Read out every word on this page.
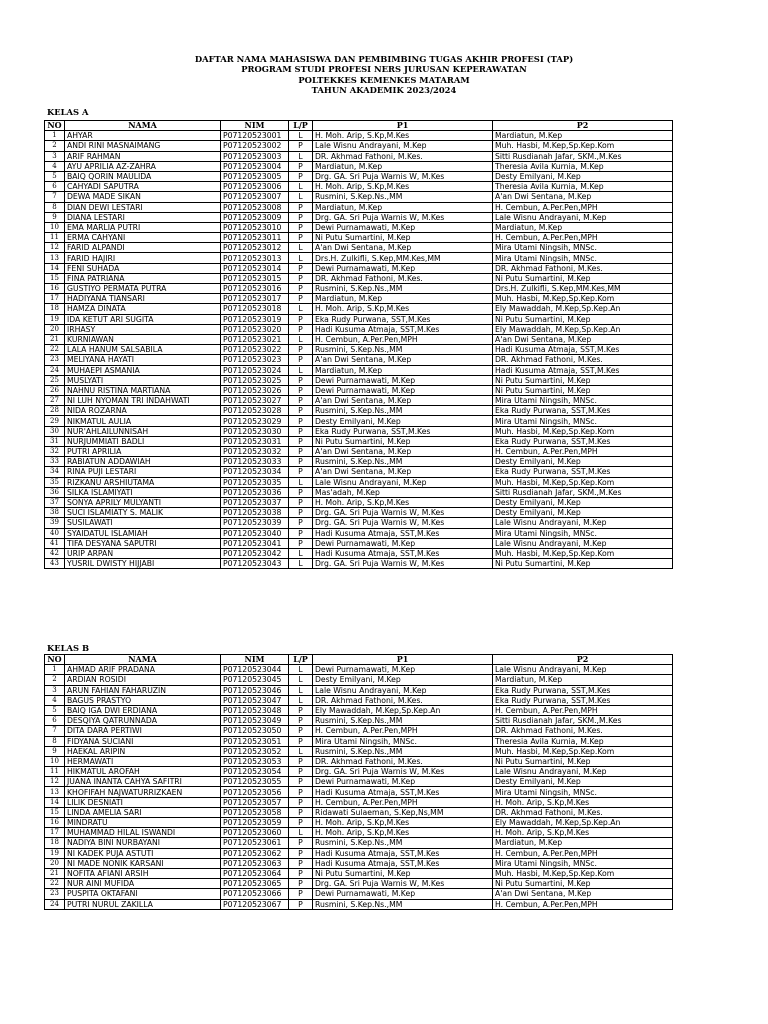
DAFTAR NAMA MAHASISWA DAN PEMBIMBING TUGAS AKHIR PROFESI (TAP)
PROGRAM STUDI PROFESI NERS JURUSAN KEPERAWATAN
POLTEKKES KEMENKES MATARAM
TAHUN AKADEMIK 2023/2024
KELAS A
NO	NAMA	NIM	L/P	P1	P2
1	AHYAR	P07120523001	L	H. Moh. Arip, S.Kp,M.Kes	Mardiatun, M.Kep
2	ANDI RINI MASNAIMANG	P07120523002	P	Lale Wisnu Andrayani, M.Kep	Muh. Hasbi, M.Kep,Sp.Kep.Kom
3	ARIF RAHMAN	P07120523003	L	DR. Akhmad Fathoni, M.Kes.	Sitti Rusdianah Jafar, SKM.,M.Kes
4	AYU APRILIA AZ-ZAHRA	P07120523004	P	Mardiatun, M.Kep	Theresia Avila Kurnia, M.Kep
5	BAIQ QORIN MAULIDA	P07120523005	P	Drg. GA. Sri Puja Warnis W, M.Kes	Desty Emilyani, M.Kep
6	CAHYADI SAPUTRA	P07120523006	L	H. Moh. Arip, S.Kp,M.Kes	Theresia Avila Kurnia, M.Kep
7	DEWA MADE SIKAN	P07120523007	L	Rusmini, S.Kep.Ns.,MM	A'an Dwi Sentana, M.Kep
8	DIAN DEWI LESTARI	P07120523008	P	Mardiatun, M.Kep	H. Cembun, A.Per.Pen,MPH
9	DIANA LESTARI	P07120523009	P	Drg. GA. Sri Puja Warnis W, M.Kes	Lale Wisnu Andrayani, M.Kep
10	EMA MARLIA PUTRI	P07120523010	P	Dewi Purnamawati, M.Kep	Mardiatun, M.Kep
11	ERMA CAHYANI	P07120523011	P	Ni Putu Sumartini, M.Kep	H. Cembun, A.Per.Pen,MPH
12	FARID ALPANDI	P07120523012	L	A'an Dwi Sentana, M.Kep	Mira Utami Ningsih, MNSc.
13	FARID HAJIRI	P07120523013	L	Drs.H. Zulkifli, S.Kep,MM.Kes,MM	Mira Utami Ningsih, MNSc.
14	FENI SUHADA	P07120523014	P	Dewi Purnamawati, M.Kep	DR. Akhmad Fathoni, M.Kes.
15	FINA PATRIANA	P07120523015	P	DR. Akhmad Fathoni, M.Kes.	Ni Putu Sumartini, M.Kep
16	GUSTIYO PERMATA PUTRA	P07120523016	P	Rusmini, S.Kep.Ns.,MM	Drs.H. Zulkifli, S.Kep,MM.Kes,MM
17	HADIYANA TIANSARI	P07120523017	P	Mardiatun, M.Kep	Muh. Hasbi, M.Kep,Sp.Kep.Kom
18	HAMZA DINATA	P07120523018	L	H. Moh. Arip, S.Kp,M.Kes	Ely Mawaddah, M.Kep,Sp.Kep.An
19	IDA KETUT ARI SUGITA	P07120523019	P	Eka Rudy Purwana, SST,M.Kes	Ni Putu Sumartini, M.Kep
20	IRHASY	P07120523020	P	Hadi Kusuma Atmaja, SST,M.Kes	Ely Mawaddah, M.Kep,Sp.Kep.An
21	KURNIAWAN	P07120523021	L	H. Cembun, A.Per.Pen,MPH	A'an Dwi Sentana, M.Kep
22	LALA HANUM SALSABILA	P07120523022	P	Rusmini, S.Kep.Ns.,MM	Hadi Kusuma Atmaja, SST,M.Kes
23	MELIYANA HAYATI	P07120523023	P	A'an Dwi Sentana, M.Kep	DR. Akhmad Fathoni, M.Kes.
24	MUHAEPI ASMANIA	P07120523024	L	Mardiatun, M.Kep	Hadi Kusuma Atmaja, SST,M.Kes
25	MUSLYATI	P07120523025	P	Dewi Purnamawati, M.Kep	Ni Putu Sumartini, M.Kep
26	NAHNU RISTINA MARTIANA	P07120523026	P	Dewi Purnamawati, M.Kep	Ni Putu Sumartini, M.Kep
27	NI LUH NYOMAN TRI INDAHWATI	P07120523027	P	A'an Dwi Sentana, M.Kep	Mira Utami Ningsih, MNSc.
28	NIDA ROZARNA	P07120523028	P	Rusmini, S.Kep.Ns.,MM	Eka Rudy Purwana, SST,M.Kes
29	NIKMATUL AULIA	P07120523029	P	Desty Emilyani, M.Kep	Mira Utami Ningsih, MNSc.
30	NUR'AHLAILUNNISAH	P07120523030	P	Eka Rudy Purwana, SST,M.Kes	Muh. Hasbi, M.Kep,Sp.Kep.Kom
31	NURJUMMIATI BADLI	P07120523031	P	Ni Putu Sumartini, M.Kep	Eka Rudy Purwana, SST,M.Kes
32	PUTRI APRILIA	P07120523032	P	A'an Dwi Sentana, M.Kep	H. Cembun, A.Per.Pen,MPH
33	RABIATUN ADDAWIAH	P07120523033	P	Rusmini, S.Kep.Ns.,MM	Desty Emilyani, M.Kep
34	RINA PUJI LESTARI	P07120523034	P	A'an Dwi Sentana, M.Kep	Eka Rudy Purwana, SST,M.Kes
35	RIZKANU ARSHIUTAMA	P07120523035	L	Lale Wisnu Andrayani, M.Kep	Muh. Hasbi, M.Kep,Sp.Kep.Kom
36	SILKA ISLAMIYATI	P07120523036	P	Mas'adah, M.Kep	Sitti Rusdianah Jafar, SKM.,M.Kes
37	SONYA APRILY MULYANTI	P07120523037	P	H. Moh. Arip, S.Kp,M.Kes	Desty Emilyani, M.Kep
38	SUCI ISLAMIATY S. MALIK	P07120523038	P	Drg. GA. Sri Puja Warnis W, M.Kes	Desty Emilyani, M.Kep
39	SUSILAWATI	P07120523039	P	Drg. GA. Sri Puja Warnis W, M.Kes	Lale Wisnu Andrayani, M.Kep
40	SYAIDATUL ISLAMIAH	P07120523040	P	Hadi Kusuma Atmaja, SST,M.Kes	Mira Utami Ningsih, MNSc.
41	TIFA DESYANA SAPUTRI	P07120523041	P	Dewi Purnamawati, M.Kep	Lale Wisnu Andrayani, M.Kep
42	URIP ARPAN	P07120523042	L	Hadi Kusuma Atmaja, SST,M.Kes	Muh. Hasbi, M.Kep,Sp.Kep.Kom
43	YUSRIL DWISTY HIJJABI	P07120523043	L	Drg. GA. Sri Puja Warnis W, M.Kes	Ni Putu Sumartini, M.Kep
KELAS B
NO	NAMA	NIM	L/P	P1	P2
1	AHMAD ARIF PRADANA	P07120523044	L	Dewi Purnamawati, M.Kep	Lale Wisnu Andrayani, M.Kep
2	ARDIAN ROSIDI	P07120523045	L	Desty Emilyani, M.Kep	Mardiatun, M.Kep
3	ARUN FAHIAN FAHARUZIN	P07120523046	L	Lale Wisnu Andrayani, M.Kep	Eka Rudy Purwana, SST,M.Kes
4	BAGUS PRASTYO	P07120523047	L	DR. Akhmad Fathoni, M.Kes.	Eka Rudy Purwana, SST,M.Kes
5	BAIQ IGA DWI ERDIANA	P07120523048	P	Ely Mawaddah, M.Kep,Sp.Kep.An	H. Cembun, A.Per.Pen,MPH
6	DESQIYA QATRUNNADA	P07120523049	P	Rusmini, S.Kep.Ns.,MM	Sitti Rusdianah Jafar, SKM.,M.Kes
7	DITA DARA PERTIWI	P07120523050	P	H. Cembun, A.Per.Pen,MPH	DR. Akhmad Fathoni, M.Kes.
8	FIDYANA SUCIANI	P07120523051	P	Mira Utami Ningsih, MNSc.	Theresia Avila Kurnia, M.Kep
9	HAEKAL ARIPIN	P07120523052	L	Rusmini, S.Kep.Ns.,MM	Muh. Hasbi, M.Kep,Sp.Kep.Kom
10	HERMAWATI	P07120523053	P	DR. Akhmad Fathoni, M.Kes.	Ni Putu Sumartini, M.Kep
11	HIKMATUL AROFAH	P07120523054	P	Drg. GA. Sri Puja Warnis W, M.Kes	Lale Wisnu Andrayani, M.Kep
12	JUANA INANTA CAHYA SAFITRI	P07120523055	P	Dewi Purnamawati, M.Kep	Desty Emilyani, M.Kep
13	KHOFIFAH NAJWATURRIZKAEN	P07120523056	P	Hadi Kusuma Atmaja, SST,M.Kes	Mira Utami Ningsih, MNSc.
14	LILIK DESNIATI	P07120523057	P	H. Cembun, A.Per.Pen,MPH	H. Moh. Arip, S.Kp,M.Kes
15	LINDA AMELIA SARI	P07120523058	P	Ridawati Sulaeman, S.Kep,Ns,MM	DR. Akhmad Fathoni, M.Kes.
16	MINDRATU	P07120523059	P	H. Moh. Arip, S.Kp,M.Kes	Ely Mawaddah, M.Kep,Sp.Kep.An
17	MUHAMMAD HILAL ISWANDI	P07120523060	L	H. Moh. Arip, S.Kp,M.Kes	H. Moh. Arip, S.Kp,M.Kes
18	NADIYA BINI NURBAYANI	P07120523061	P	Rusmini, S.Kep.Ns.,MM	Mardiatun, M.Kep
19	NI KADEK PUJA ASTUTI	P07120523062	P	Hadi Kusuma Atmaja, SST,M.Kes	H. Cembun, A.Per.Pen,MPH
20	NI MADE NONIK KARSANI	P07120523063	P	Hadi Kusuma Atmaja, SST,M.Kes	Mira Utami Ningsih, MNSc.
21	NOFITA AFIANI ARSIH	P07120523064	P	Ni Putu Sumartini, M.Kep	Muh. Hasbi, M.Kep,Sp.Kep.Kom
22	NUR AINI MUFIDA	P07120523065	P	Drg. GA. Sri Puja Warnis W, M.Kes	Ni Putu Sumartini, M.Kep
23	PUSPITA OKTAFANI	P07120523066	P	Dewi Purnamawati, M.Kep	A'an Dwi Sentana, M.Kep
24	PUTRI NURUL ZAKILLA	P07120523067	P	Rusmini, S.Kep.Ns.,MM	H. Cembun, A.Per.Pen,MPH
